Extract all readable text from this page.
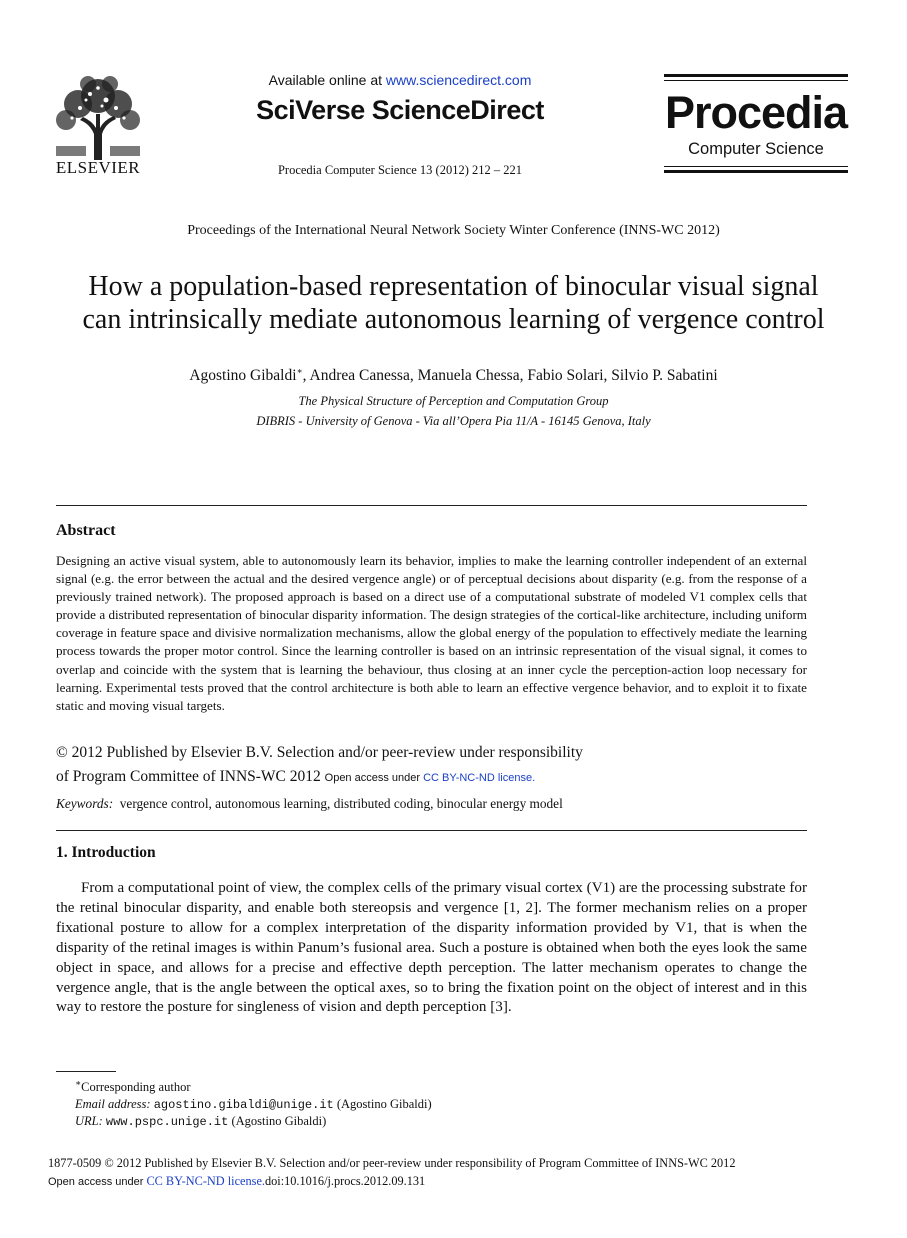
ELSEVIER
Available online at www.sciencedirect.com
SciVerse ScienceDirect
Procedia Computer Science 13 (2012) 212 – 221
Procedia
Computer Science
Proceedings of the International Neural Network Society Winter Conference (INNS-WC 2012)
How a population-based representation of binocular visual signal
can intrinsically mediate autonomous learning of vergence control
Agostino Gibaldi∗, Andrea Canessa, Manuela Chessa, Fabio Solari, Silvio P. Sabatini
The Physical Structure of Perception and Computation Group
DIBRIS - University of Genova - Via all’Opera Pia 11/A - 16145 Genova, Italy
Abstract
Designing an active visual system, able to autonomously learn its behavior, implies to make the learning controller independent of an external signal (e.g. the error between the actual and the desired vergence angle) or of perceptual decisions about disparity (e.g. from the response of a previously trained network). The proposed approach is based on a direct use of a computational substrate of modeled V1 complex cells that provide a distributed representation of binocular disparity information. The design strategies of the cortical-like architecture, including uniform coverage in feature space and divisive normalization mechanisms, allow the global energy of the population to effectively mediate the learning process towards the proper motor control. Since the learning controller is based on an intrinsic representation of the visual signal, it comes to overlap and coincide with the system that is learning the behaviour, thus closing at an inner cycle the perception-action loop necessary for learning. Experimental tests proved that the control architecture is both able to learn an effective vergence behavior, and to exploit it to fixate static and moving visual targets.
© 2012 Published by Elsevier B.V. Selection and/or peer-review under responsibility
of Program Committee of INNS-WC 2012 Open access under CC BY-NC-ND license.
Keywords: vergence control, autonomous learning, distributed coding, binocular energy model
1. Introduction
From a computational point of view, the complex cells of the primary visual cortex (V1) are the processing substrate for the retinal binocular disparity, and enable both stereopsis and vergence [1, 2]. The former mechanism relies on a proper fixational posture to allow for a complex interpretation of the disparity information provided by V1, that is when the disparity of the retinal images is within Panum’s fusional area. Such a posture is obtained when both the eyes look the same object in space, and allows for a precise and effective depth perception. The latter mechanism operates to change the vergence angle, that is the angle between the optical axes, so to bring the fixation point on the object of interest and in this way to restore the posture for singleness of vision and depth perception [3].
∗Corresponding author
Email address: agostino.gibaldi@unige.it (Agostino Gibaldi)
URL: www.pspc.unige.it (Agostino Gibaldi)
1877-0509 © 2012 Published by Elsevier B.V. Selection and/or peer-review under responsibility of Program Committee of INNS-WC 2012
Open access under CC BY-NC-ND license.doi:10.1016/j.procs.2012.09.131
